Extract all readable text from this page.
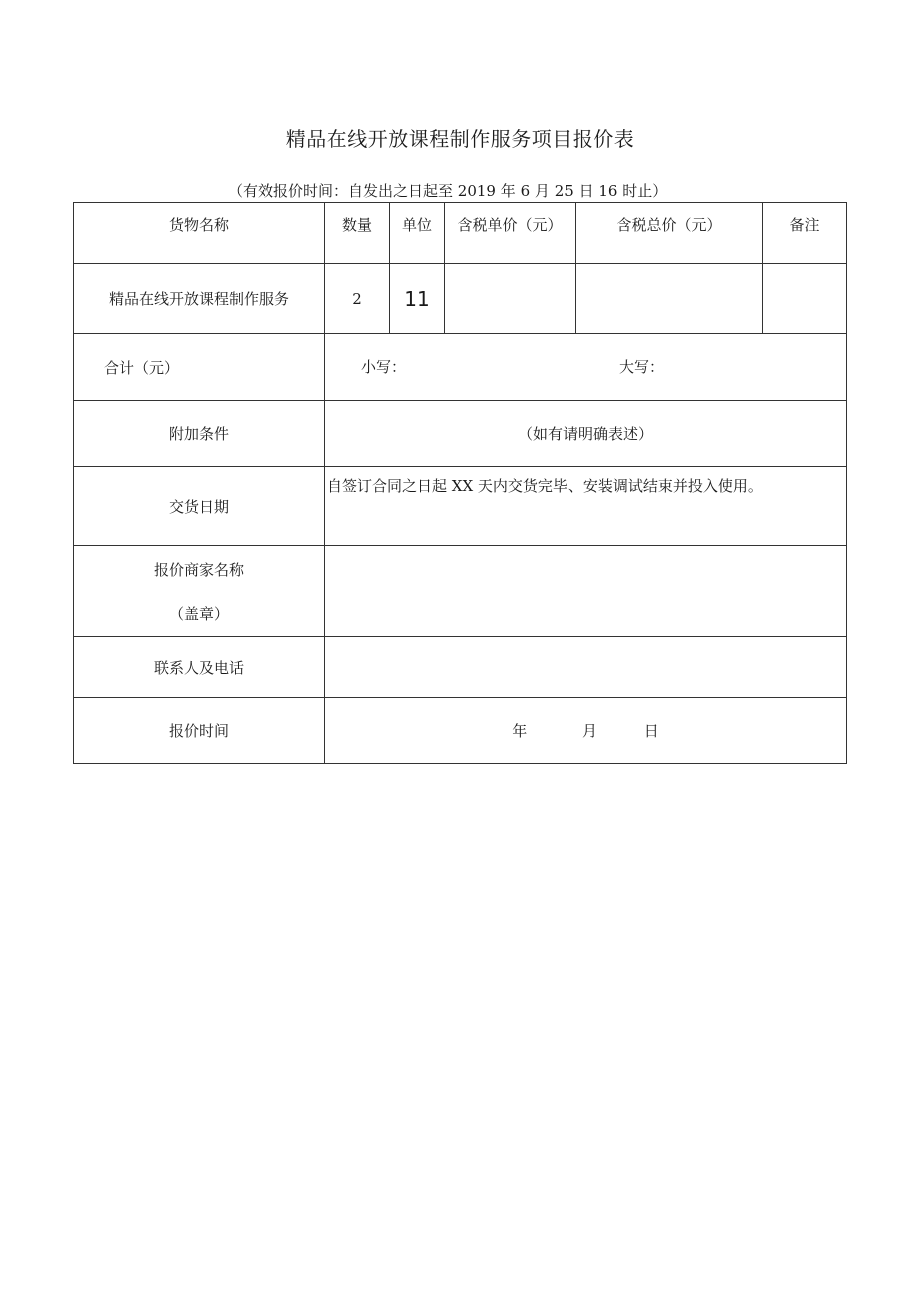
精品在线开放课程制作服务项目报价表
（有效报价时间：自发出之日起至 2019 年 6 月 25 日 16 时止）
货物名称	数量	单位	含税单价（元）	含税总价（元）	备注
精品在线开放课程制作服务	2	11			
合计（元）	小写： 大写：				

附加条件	（如有请明确表述）				
交货日期	自签订合同之日起 XX 天内交货完毕、安装调试结束并投入使用。				

报价商家名称
（盖章）					

联系人及电话					
报价时间	年 月 日				
